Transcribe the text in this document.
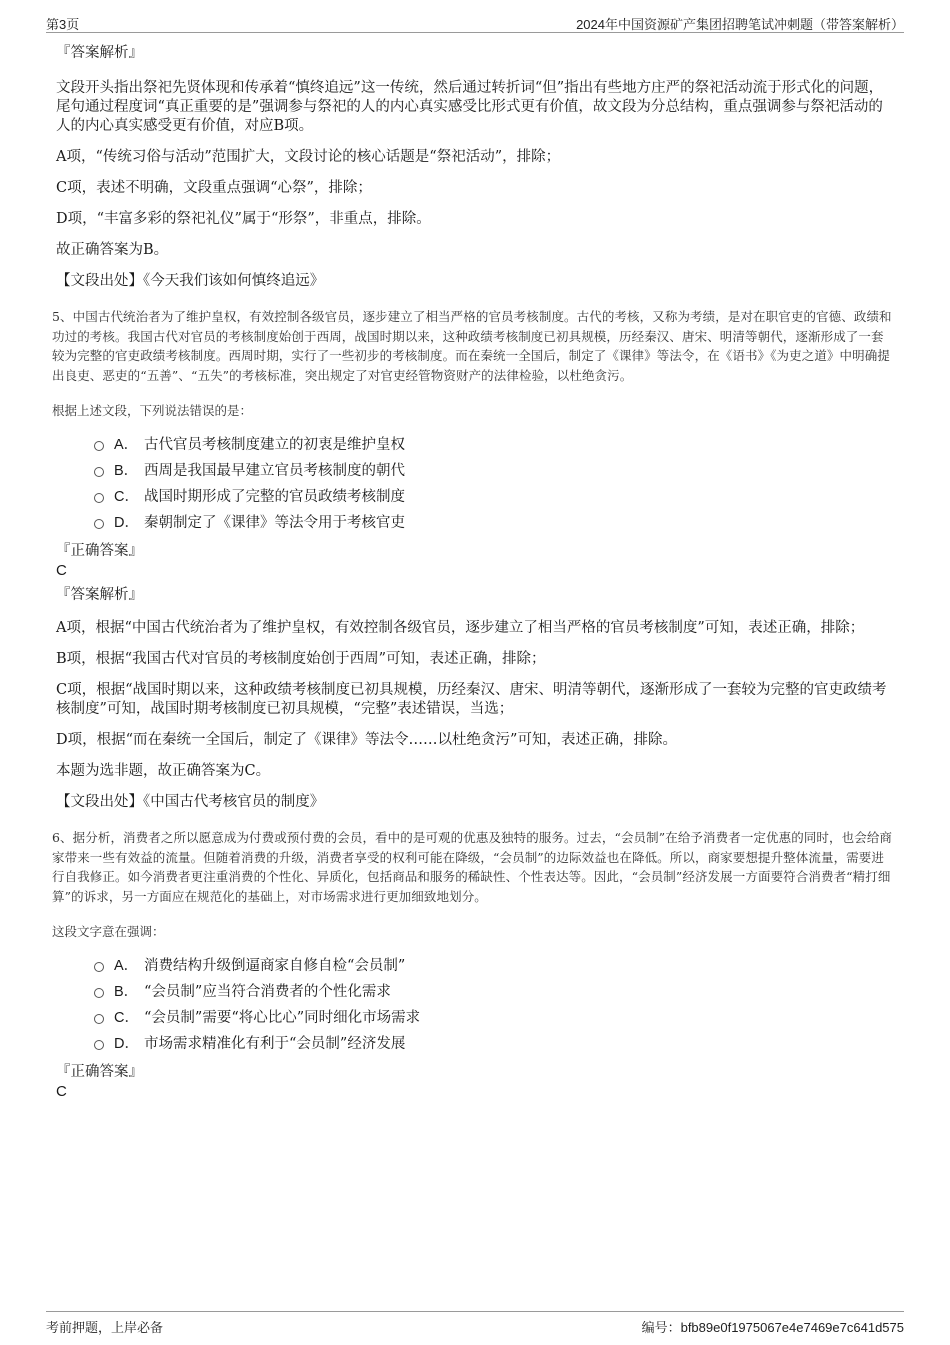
第3页	2024年中国资源矿产集团招聘笔试冲刺题（带答案解析）

『答案解析』

文段开头指出祭祀先贤体现和传承着“慎终追远”这一传统，然后通过转折词“但”指出有些地方庄严的祭祀活动流于形式化的问题，尾句通过程度词“真正重要的是”强调参与祭祀的人的内心真实感受比形式更有价值，故文段为分总结构，重点强调参与祭祀活动的人的内心真实感受更有价值，对应B项。

A项，“传统习俗与活动”范围扩大，文段讨论的核心话题是“祭祀活动”，排除；

C项，表述不明确，文段重点强调“心祭”，排除；

D项，“丰富多彩的祭祀礼仪”属于“形祭”，非重点，排除。

故正确答案为B。

【文段出处】《今天我们该如何慎终追远》

5、中国古代统治者为了维护皇权，有效控制各级官员，逐步建立了相当严格的官员考核制度。古代的考核，又称为考绩，是对在职官吏的官德、政绩和功过的考核。我国古代对官员的考核制度始创于西周，战国时期以来，这种政绩考核制度已初具规模，历经秦汉、唐宋、明清等朝代，逐渐形成了一套较为完整的官吏政绩考核制度。西周时期，实行了一些初步的考核制度。而在秦统一全国后，制定了《课律》等法令，在《语书》《为吏之道》中明确提出良吏、恶吏的“五善”、“五失”的考核标准，突出规定了对官吏经管物资财产的法律检验，以杜绝贪污。

根据上述文段，下列说法错误的是：

A． 古代官员考核制度建立的初衷是维护皇权
B． 西周是我国最早建立官员考核制度的朝代
C． 战国时期形成了完整的官员政绩考核制度
D． 秦朝制定了《课律》等法令用于考核官吏

『正确答案』

C

『答案解析』

A项，根据“中国古代统治者为了维护皇权，有效控制各级官员，逐步建立了相当严格的官员考核制度”可知，表述正确，排除；

B项，根据“我国古代对官员的考核制度始创于西周”可知，表述正确，排除；

C项，根据“战国时期以来，这种政绩考核制度已初具规模，历经秦汉、唐宋、明清等朝代，逐渐形成了一套较为完整的官吏政绩考核制度”可知，战国时期考核制度已初具规模，“完整”表述错误，当选；

D项，根据“而在秦统一全国后，制定了《课律》等法令……以杜绝贪污”可知，表述正确，排除。

本题为选非题，故正确答案为C。

【文段出处】《中国古代考核官员的制度》

6、据分析，消费者之所以愿意成为付费或预付费的会员，看中的是可观的优惠及独特的服务。过去，“会员制”在给予消费者一定优惠的同时，也会给商家带来一些有效益的流量。但随着消费的升级，消费者享受的权利可能在降级，“会员制”的边际效益也在降低。所以，商家要想提升整体流量，需要进行自我修正。如今消费者更注重消费的个性化、异质化，包括商品和服务的稀缺性、个性表达等。因此，“会员制”经济发展一方面要符合消费者“精打细算”的诉求，另一方面应在规范化的基础上，对市场需求进行更加细致地划分。

这段文字意在强调：

A． 消费结构升级倒逼商家自修自检“会员制”
B． “会员制”应当符合消费者的个性化需求
C． “会员制”需要“将心比心”同时细化市场需求
D． 市场需求精准化有利于“会员制”经济发展

『正确答案』

C

考前押题，上岸必备	编号：bfb89e0f1975067e4e7469e7c641d575
